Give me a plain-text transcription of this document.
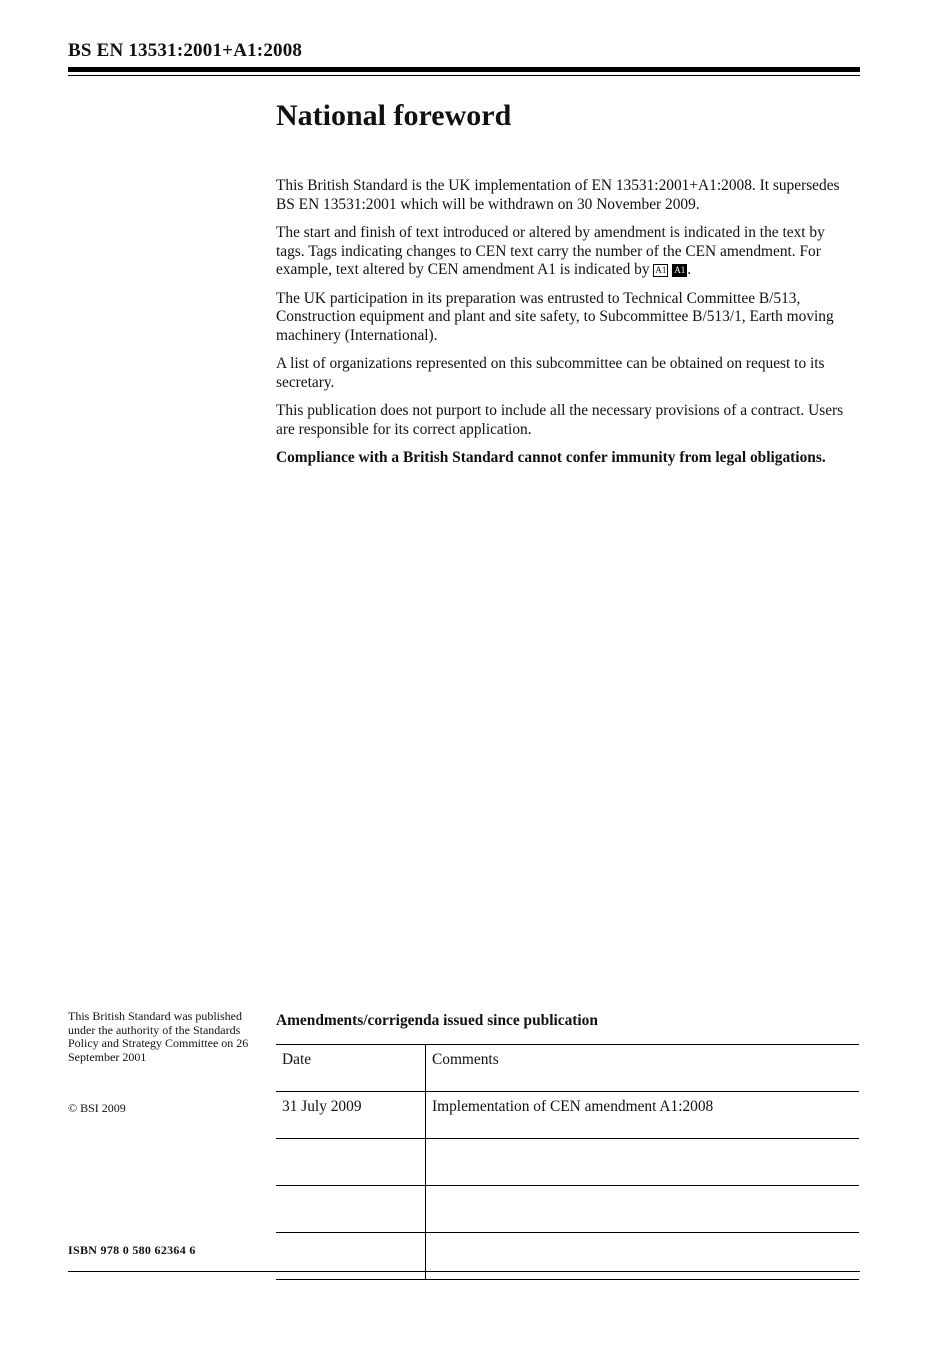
BS EN 13531:2001+A1:2008
National foreword

This British Standard is the UK implementation of EN 13531:2001+A1:2008. It supersedes BS EN 13531:2001 which will be withdrawn on 30 November 2009.

The start and finish of text introduced or altered by amendment is indicated in the text by tags. Tags indicating changes to CEN text carry the number of the CEN amendment. For example, text altered by CEN amendment A1 is indicated by A1 A1 .

The UK participation in its preparation was entrusted to Technical Committee B/513, Construction equipment and plant and site safety, to Subcommittee B/513/1, Earth moving machinery (International).

A list of organizations represented on this subcommittee can be obtained on request to its secretary.

This publication does not purport to include all the necessary provisions of a contract. Users are responsible for its correct application.

Compliance with a British Standard cannot confer immunity from legal obligations.

This British Standard was published under the authority of the Standards Policy and Strategy Committee on 26 September 2001
© BSI 2009
ISBN 978 0 580 62364 6
Amendments/corrigenda issued since publication
Date	Comments
31 July 2009	Implementation of CEN amendment A1:2008
